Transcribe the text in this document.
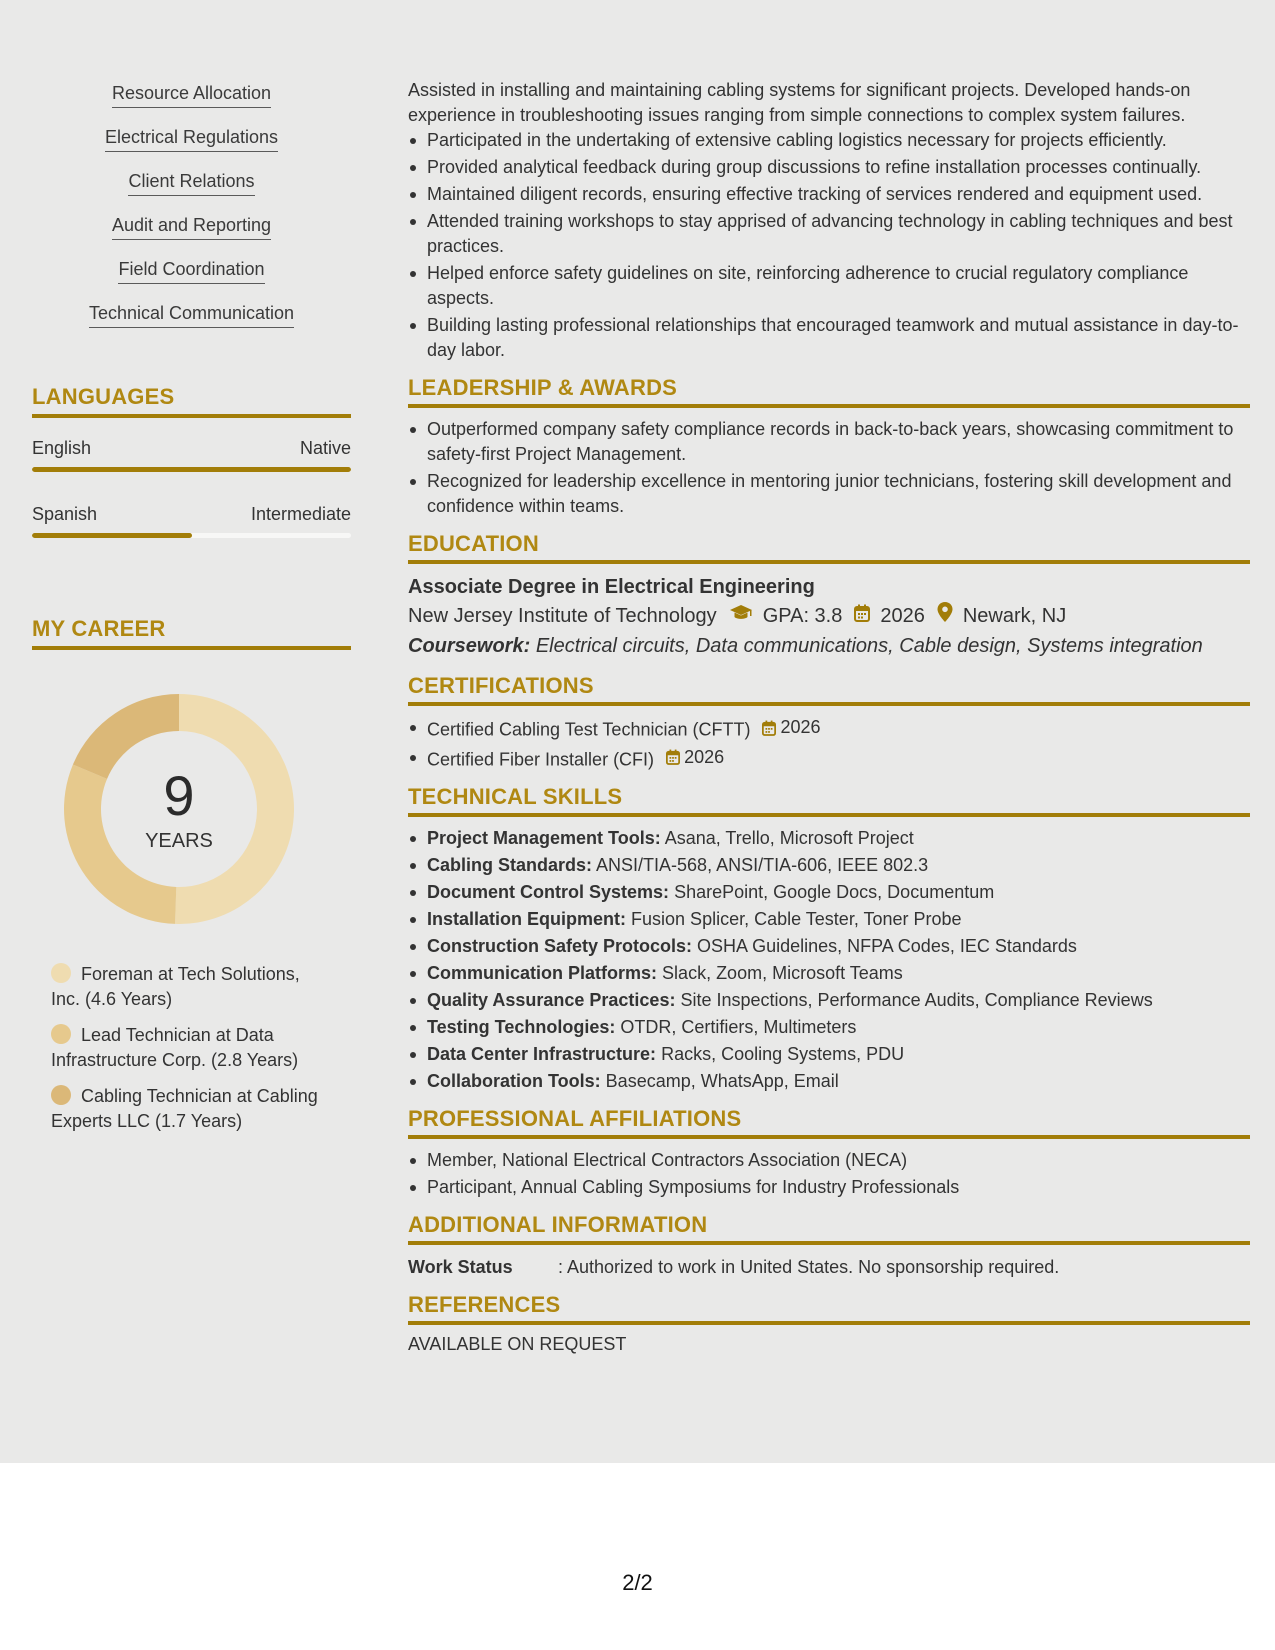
Resource Allocation
Electrical Regulations
Client Relations
Audit and Reporting
Field Coordination
Technical Communication
LANGUAGES
English	Native
Spanish	Intermediate
MY CAREER
9
YEARS
Foreman at Tech Solutions, Inc. (4.6 Years)
Lead Technician at Data Infrastructure Corp. (2.8 Years)
Cabling Technician at Cabling Experts LLC (1.7 Years)

Assisted in installing and maintaining cabling systems for significant projects. Developed hands-on experience in troubleshooting issues ranging from simple connections to complex system failures.

Participated in the undertaking of extensive cabling logistics necessary for projects efficiently.
Provided analytical feedback during group discussions to refine installation processes continually.
Maintained diligent records, ensuring effective tracking of services rendered and equipment used.
Attended training workshops to stay apprised of advancing technology in cabling techniques and best practices.
Helped enforce safety guidelines on site, reinforcing adherence to crucial regulatory compliance aspects.
Building lasting professional relationships that encouraged teamwork and mutual assistance in day-to-day labor.
LEADERSHIP & AWARDS
Outperformed company safety compliance records in back-to-back years, showcasing commitment to safety-first Project Management.
Recognized for leadership excellence in mentoring junior technicians, fostering skill development and confidence within teams.
EDUCATION
Associate Degree in Electrical Engineering
New Jersey Institute of Technology GPA: 3.8 2026 Newark, NJ
Coursework: Electrical circuits, Data communications, Cable design, Systems integration
CERTIFICATIONS
Certified Cabling Test Technician (CFTT) 2026
Certified Fiber Installer (CFI) 2026
TECHNICAL SKILLS
Project Management Tools: Asana, Trello, Microsoft Project
Cabling Standards: ANSI/TIA-568, ANSI/TIA-606, IEEE 802.3
Document Control Systems: SharePoint, Google Docs, Documentum
Installation Equipment: Fusion Splicer, Cable Tester, Toner Probe
Construction Safety Protocols: OSHA Guidelines, NFPA Codes, IEC Standards
Communication Platforms: Slack, Zoom, Microsoft Teams
Quality Assurance Practices: Site Inspections, Performance Audits, Compliance Reviews
Testing Technologies: OTDR, Certifiers, Multimeters
Data Center Infrastructure: Racks, Cooling Systems, PDU
Collaboration Tools: Basecamp, WhatsApp, Email
PROFESSIONAL AFFILIATIONS
Member, National Electrical Contractors Association (NECA)
Participant, Annual Cabling Symposiums for Industry Professionals
ADDITIONAL INFORMATION
Work Status	: Authorized to work in United States. No sponsorship required.
REFERENCES
AVAILABLE ON REQUEST
2/2
